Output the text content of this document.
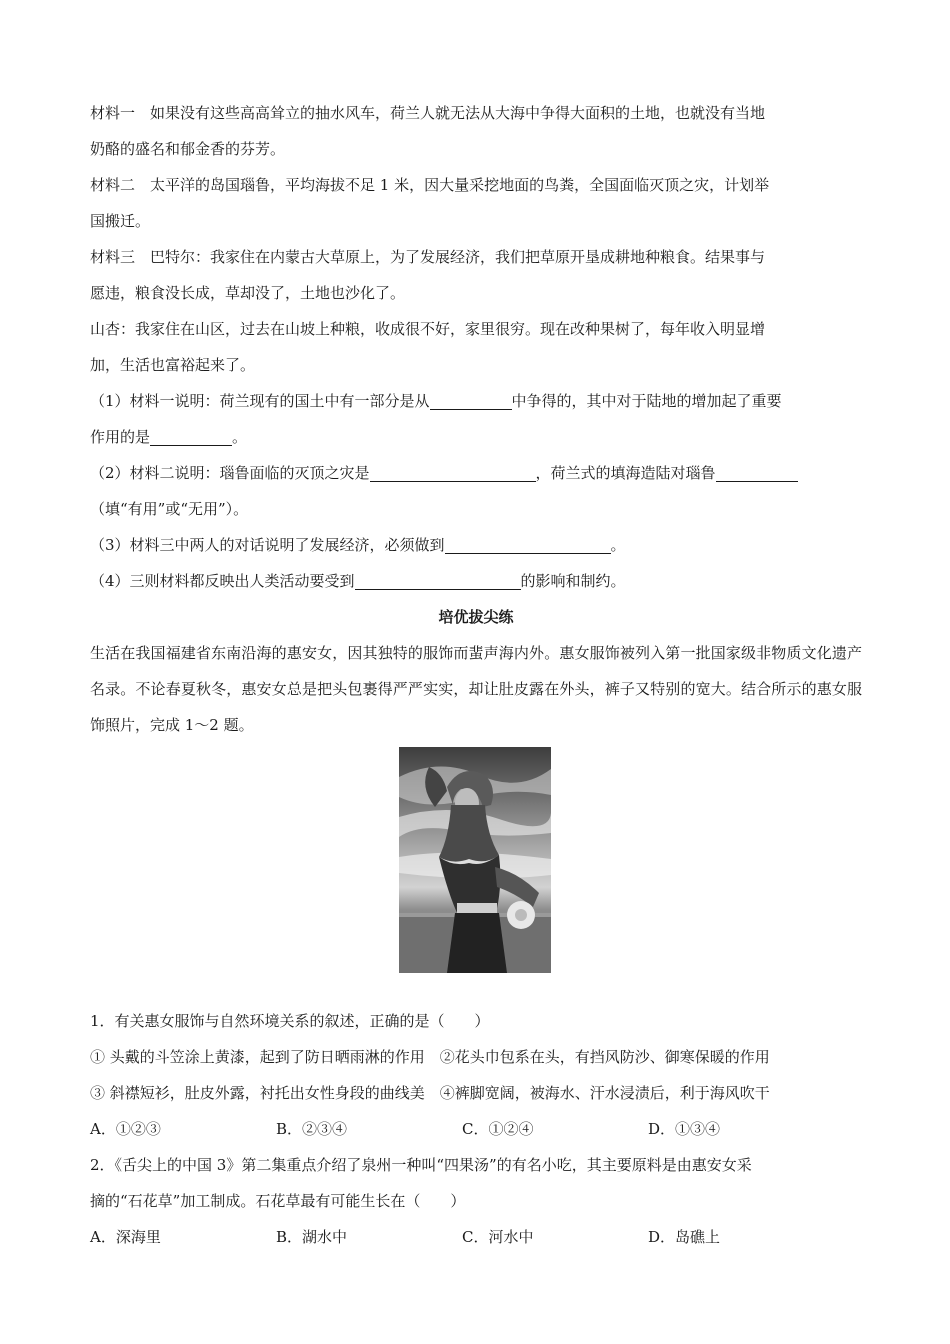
材料一　如果没有这些高高耸立的抽水风车，荷兰人就无法从大海中争得大面积的土地，也就没有当地
奶酪的盛名和郁金香的芬芳。
材料二　太平洋的岛国瑙鲁，平均海拔不足 1 米，因大量采挖地面的鸟粪，全国面临灭顶之灾，计划举
国搬迁。
材料三　巴特尔：我家住在内蒙古大草原上，为了发展经济，我们把草原开垦成耕地种粮食。结果事与
愿违，粮食没长成，草却没了，土地也沙化了。
山杏：我家住在山区，过去在山坡上种粮，收成很不好，家里很穷。现在改种果树了，每年收入明显增
加，生活也富裕起来了。
（1）材料一说明：荷兰现有的国土中有一部分是从	中争得的，其中对于陆地的增加起了重要
作用的是	。
（2）材料二说明：瑙鲁面临的灭顶之灾是	，荷兰式的填海造陆对瑙鲁
（填“有用”或“无用”）。
（3）材料三中两人的对话说明了发展经济，必须做到	。
（4）三则材料都反映出人类活动要受到	的影响和制约。
培优拔尖练
生活在我国福建省东南沿海的惠安女，因其独特的服饰而蜚声海内外。惠女服饰被列入第一批国家级非物质文化遗产名录。不论春夏秋冬，惠安女总是把头包裹得严严实实，却让肚皮露在外头，裤子又特别的宽大。结合所示的惠女服饰照片，完成 1～2 题。
1．有关惠女服饰与自然环境关系的叙述，正确的是（　　）
① 头戴的斗笠涂上黄漆，起到了防日晒雨淋的作用　②花头巾包系在头，有挡风防沙、御寒保暖的作用
③ 斜襟短衫，肚皮外露，衬托出女性身段的曲线美　④裤脚宽阔，被海水、汗水浸渍后，利于海风吹干
A．①②③	B．②③④	C．①②④	D．①③④
2．《舌尖上的中国 3》第二集重点介绍了泉州一种叫“四果汤”的有名小吃，其主要原料是由惠安女采
摘的“石花草”加工制成。石花草最有可能生长在（　　）
A．深海里	B．湖水中	C．河水中	D．岛礁上
